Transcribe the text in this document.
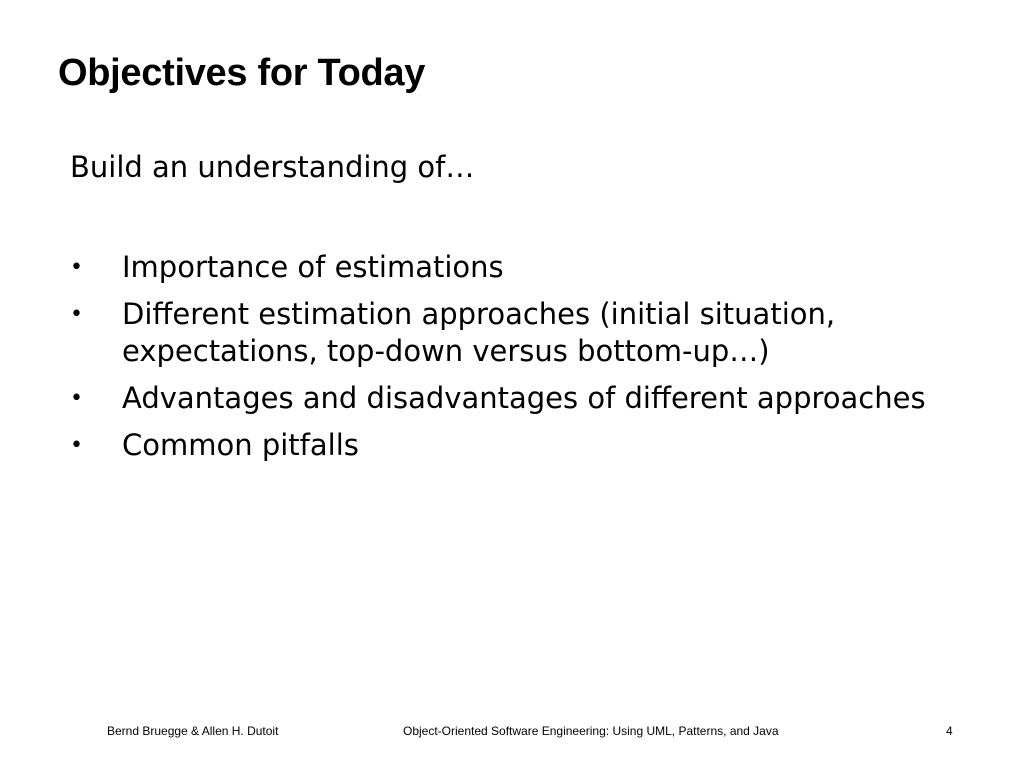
Objectives for Today
Build an understanding of…
•	Importance of estimations
•	Different estimation approaches (initial situation, expectations, top-down versus bottom-up…)
•	Advantages and disadvantages of different approaches
•	Common pitfalls
Bernd Bruegge & Allen H. Dutoit	Object-Oriented Software Engineering: Using UML, Patterns, and Java	4
